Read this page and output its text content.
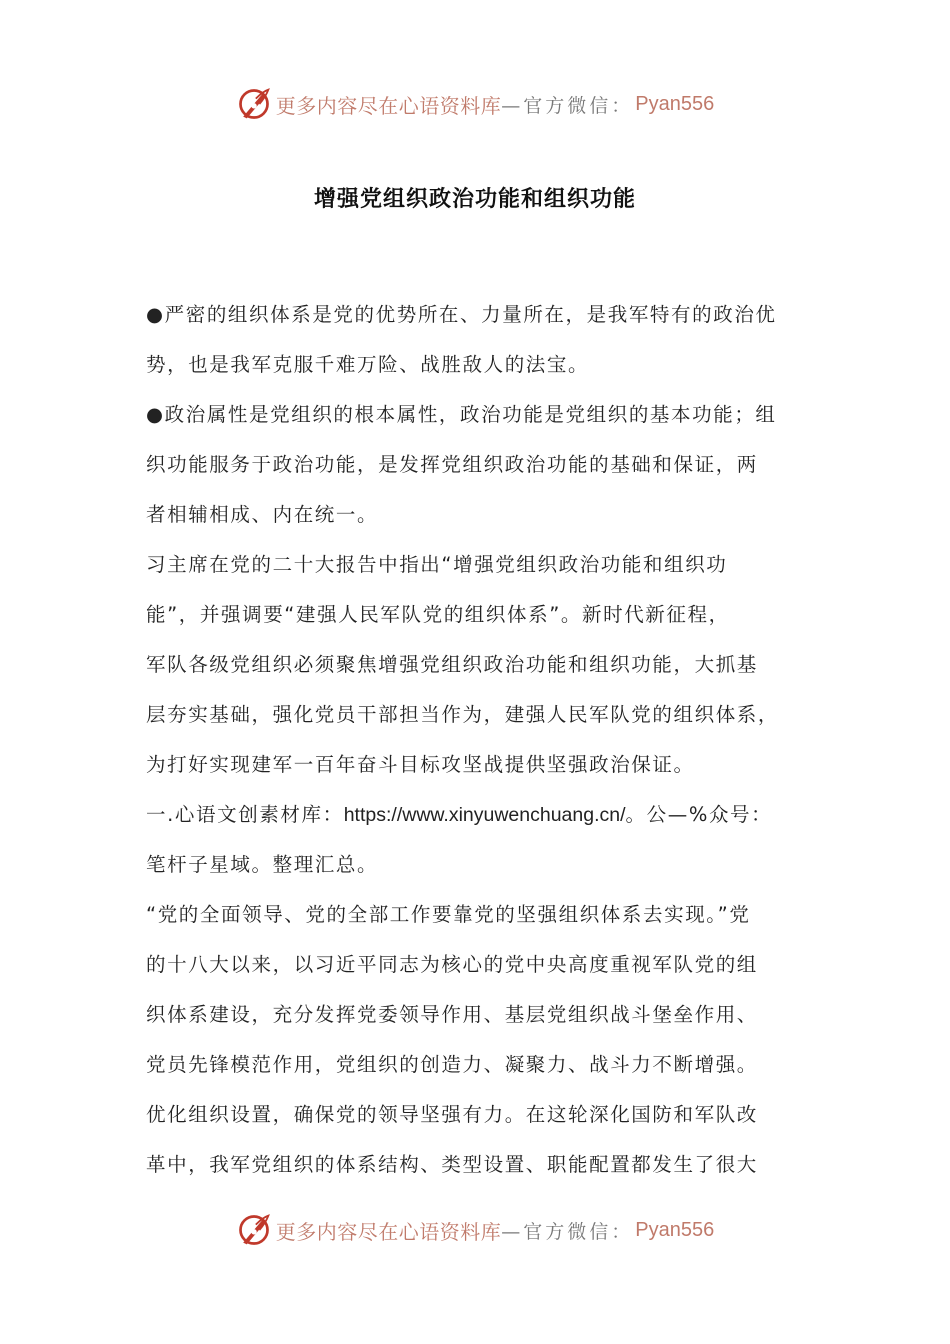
更多内容尽在心语资料库 —官方微信： Pyan556
增强党组织政治功能和组织功能
●严密的组织体系是党的优势所在、力量所在，是我军特有的政治优
势，也是我军克服千难万险、战胜敌人的法宝。
●政治属性是党组织的根本属性，政治功能是党组织的基本功能；组
织功能服务于政治功能，是发挥党组织政治功能的基础和保证，两
者相辅相成、内在统一。
习主席在党的二十大报告中指出“增强党组织政治功能和组织功
能”，并强调要“建强人民军队党的组织体系”。新时代新征程，
军队各级党组织必须聚焦增强党组织政治功能和组织功能，大抓基
层夯实基础，强化党员干部担当作为，建强人民军队党的组织体系，
为打好实现建军一百年奋斗目标攻坚战提供坚强政治保证。
一.心语文创素材库：https://www.xinyuwenchuang.cn/。公—%众号：
笔杆子星域。整理汇总。
“党的全面领导、党的全部工作要靠党的坚强组织体系去实现。”党
的十八大以来，以习近平同志为核心的党中央高度重视军队党的组
织体系建设，充分发挥党委领导作用、基层党组织战斗堡垒作用、
党员先锋模范作用，党组织的创造力、凝聚力、战斗力不断增强。
优化组织设置，确保党的领导坚强有力。在这轮深化国防和军队改
革中，我军党组织的体系结构、类型设置、职能配置都发生了很大
更多内容尽在心语资料库 —官方微信： Pyan556
